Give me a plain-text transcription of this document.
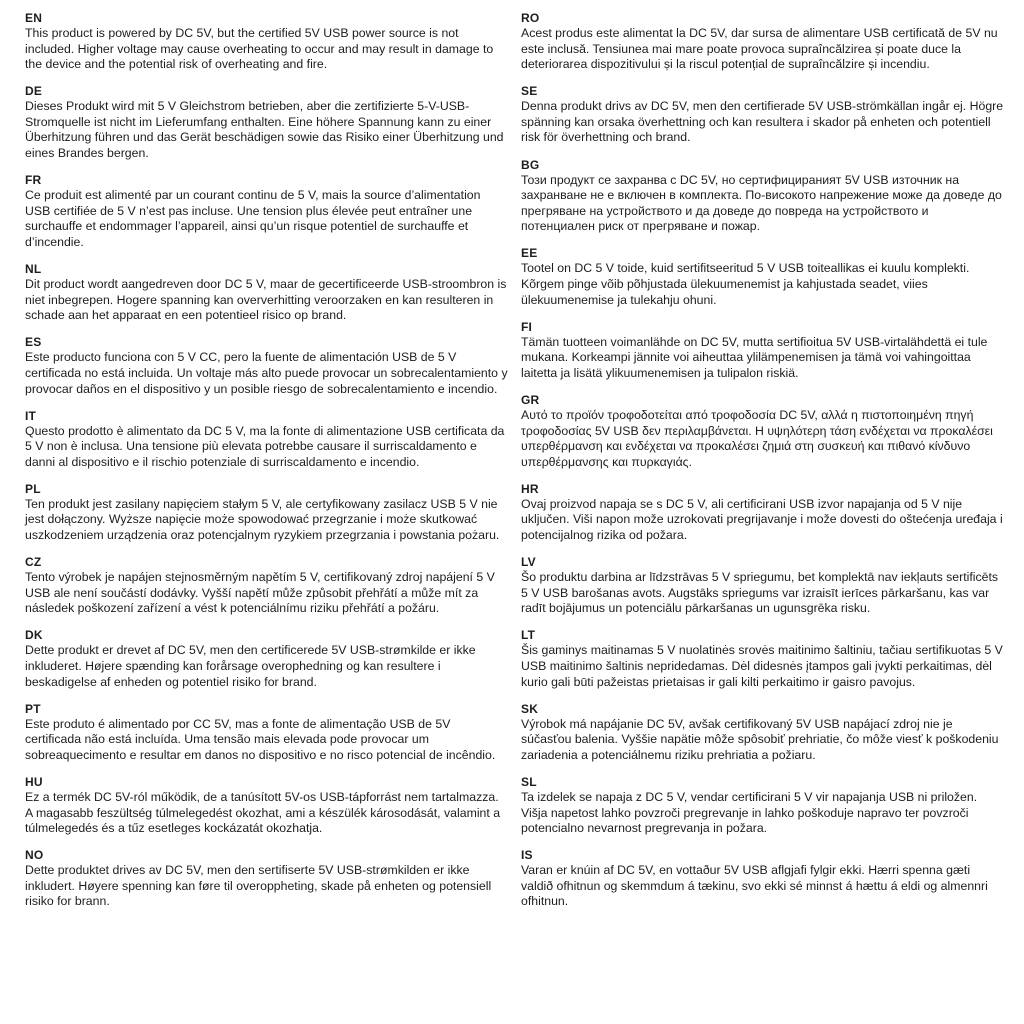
EN

This product is powered by DC 5V, but the certified 5V USB power source is not included. Higher voltage may cause overheating to occur and may result in damage to the device and the potential risk of overheating and fire.

DE

Dieses Produkt wird mit 5 V Gleichstrom betrieben, aber die zertifizierte 5-V-USB-Stromquelle ist nicht im Lieferumfang enthalten. Eine höhere Spannung kann zu einer Überhitzung führen und das Gerät beschädigen sowie das Risiko einer Überhitzung und eines Brandes bergen.

FR

Ce produit est alimenté par un courant continu de 5 V, mais la source d’alimentation USB certifiée de 5 V n’est pas incluse. Une tension plus élevée peut entraîner une surchauffe et endommager l’appareil, ainsi qu’un risque potentiel de surchauffe et d’incendie.

NL

Dit product wordt aangedreven door DC 5 V, maar de gecertificeerde USB-stroombron is niet inbegrepen. Hogere spanning kan oververhitting veroorzaken en kan resulteren in schade aan het apparaat en een potentieel risico op brand.

ES

Este producto funciona con 5 V CC, pero la fuente de alimentación USB de 5 V certificada no está incluida. Un voltaje más alto puede provocar un sobrecalentamiento y provocar daños en el dispositivo y un posible riesgo de sobrecalentamiento e incendio.

IT

Questo prodotto è alimentato da DC 5 V, ma la fonte di alimentazione USB certificata da 5 V non è inclusa. Una tensione più elevata potrebbe causare il surriscaldamento e danni al dispositivo e il rischio potenziale di surriscaldamento e incendio.

PL

Ten produkt jest zasilany napięciem stałym 5 V, ale certyfikowany zasilacz USB 5 V nie jest dołączony. Wyższe napięcie może spowodować przegrzanie i może skutkować uszkodzeniem urządzenia oraz potencjalnym ryzykiem przegrzania i powstania pożaru.

CZ

Tento výrobek je napájen stejnosměrným napětím 5 V, certifikovaný zdroj napájení 5 V USB ale není součástí dodávky. Vyšší napětí může způsobit přehřátí a může mít za následek poškození zařízení a vést k potenciálnímu riziku přehřátí a požáru.

DK

Dette produkt er drevet af DC 5V, men den certificerede 5V USB-strømkilde er ikke inkluderet. Højere spænding kan forårsage overophedning og kan resultere i beskadigelse af enheden og potentiel risiko for brand.

PT

Este produto é alimentado por CC 5V, mas a fonte de alimentação USB de 5V certificada não está incluída. Uma tensão mais elevada pode provocar um sobreaquecimento e resultar em danos no dispositivo e no risco potencial de incêndio.

HU

Ez a termék DC 5V-ról működik, de a tanúsított 5V-os USB-tápforrást nem tartalmazza. A magasabb feszültség túlmelegedést okozhat, ami a készülék károsodását, valamint a túlmelegedés és a tűz esetleges kockázatát okozhatja.

NO

Dette produktet drives av DC 5V, men den sertifiserte 5V USB-strømkilden er ikke inkludert. Høyere spenning kan føre til overoppheting, skade på enheten og potensiell risiko for brann.

RO

Acest produs este alimentat la DC 5V, dar sursa de alimentare USB certificată de 5V nu este inclusă. Tensiunea mai mare poate provoca supraîncălzirea și poate duce la deteriorarea dispozitivului și la riscul potențial de supraîncălzire și incendiu.

SE

Denna produkt drivs av DC 5V, men den certifierade 5V USB-strömkällan ingår ej. Högre spänning kan orsaka överhettning och kan resultera i skador på enheten och potentiell risk för överhettning och brand.

BG

Този продукт се захранва с DC 5V, но сертифицираният 5V USB източник на захранване не е включен в комплекта. По-високото напрежение може да доведе до прегряване на устройството и да доведе до повреда на устройството и потенциален риск от прегряване и пожар.

EE

Tootel on DC 5 V toide, kuid sertifitseeritud 5 V USB toiteallikas ei kuulu komplekti. Kõrgem pinge võib põhjustada ülekuumenemist ja kahjustada seadet, viies ülekuumenemise ja tulekahju ohuni.

FI

Tämän tuotteen voimanlähde on DC 5V, mutta sertifioitua 5V USB-virtalähdettä ei tule mukana. Korkeampi jännite voi aiheuttaa ylilämpenemisen ja tämä voi vahingoittaa laitetta ja lisätä ylikuumenemisen ja tulipalon riskiä.

GR

Αυτό το προϊόν τροφοδοτείται από τροφοδοσία DC 5V, αλλά η πιστοποιημένη πηγή τροφοδοσίας 5V USB δεν περιλαμβάνεται. Η υψηλότερη τάση ενδέχεται να προκαλέσει υπερθέρμανση και ενδέχεται να προκαλέσει ζημιά στη συσκευή και πιθανό κίνδυνο υπερθέρμανσης και πυρκαγιάς.

HR

Ovaj proizvod napaja se s DC 5 V, ali certificirani USB izvor napajanja od 5 V nije uključen. Viši napon može uzrokovati pregrijavanje i može dovesti do oštećenja uređaja i potencijalnog rizika od požara.

LV

Šo produktu darbina ar līdzstrāvas 5 V spriegumu, bet komplektā nav iekļauts sertificēts 5 V USB barošanas avots. Augstāks spriegums var izraisīt ierīces pārkaršanu, kas var radīt bojājumus un potenciālu pārkaršanas un ugunsgrēka risku.

LT

Šis gaminys maitinamas 5 V nuolatinės srovės maitinimo šaltiniu, tačiau sertifikuotas 5 V USB maitinimo šaltinis nepridedamas. Dėl didesnės įtampos gali įvykti perkaitimas, dėl kurio gali būti pažeistas prietaisas ir gali kilti perkaitimo ir gaisro pavojus.

SK

Výrobok má napájanie DC 5V, avšak certifikovaný 5V USB napájací zdroj nie je súčasťou balenia. Vyššie napätie môže spôsobiť prehriatie, čo môže viesť k poškodeniu zariadenia a potenciálnemu riziku prehriatia a požiaru.

SL

Ta izdelek se napaja z DC 5 V, vendar certificirani 5 V vir napajanja USB ni priložen. Višja napetost lahko povzroči pregrevanje in lahko poškoduje napravo ter povzroči potencialno nevarnost pregrevanja in požara.

IS

Varan er knúin af DC 5V, en vottaður 5V USB aflgjafi fylgir ekki. Hærri spenna gæti valdið ofhitnun og skemmdum á tækinu, svo ekki sé minnst á hættu á eldi og almennri ofhitnun.
